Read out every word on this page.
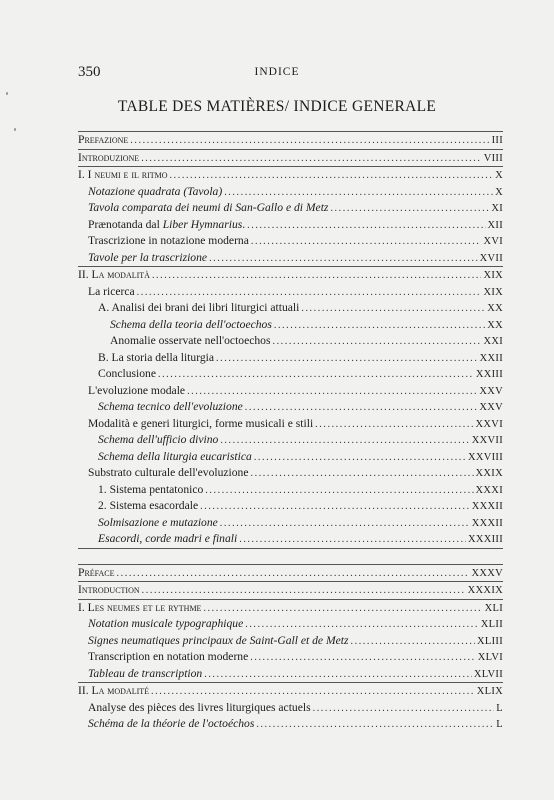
350	INDICE
TABLE DES MATIÈRES/ INDICE GENERALE
Prefazione .....	III
Introduzione .....	VIII
I. I neumi e il ritmo .....	X
Notazione quadrata (Tavola) .....	X
Tavola comparata dei neumi di San-Gallo e di Metz .....	XI
Prænotanda dal Liber Hymnarius. .....	XII
Trascrizione in notazione moderna .....	XVI
Tavole per la trascrizione .....	XVII
II. La modalità .....	XIX
La ricerca .....	XIX
A. Analisi dei brani dei libri liturgici attuali .....	XX
Schema della teoria dell'octoechos .....	XX
Anomalie osservate nell'octoechos .....	XXI
B. La storia della liturgia .....	XXII
Conclusione .....	XXIII
L'evoluzione modale .....	XXV
Schema tecnico dell'evoluzione .....	XXV
Modalità e generi liturgici, forme musicali e stili .....	XXVI
Schema dell'ufficio divino .....	XXVII
Schema della liturgia eucaristica .....	XXVIII
Substrato culturale dell'evoluzione .....	XXIX
1. Sistema pentatonico .....	XXXI
2. Sistema esacordale .....	XXXII
Solmisazione e mutazione .....	XXXII
Esacordi, corde madri e finali .....	XXXIII
Préface .....	XXXV
Introduction .....	XXXIX
I. Les neumes et le rythme .....	XLI
Notation musicale typographique .....	XLII
Signes neumatiques principaux de Saint-Gall et de Metz .....	XLIII
Transcription en notation moderne .....	XLVI
Tableau de transcription .....	XLVII
II. La modalité .....	XLIX
Analyse des pièces des livres liturgiques actuels .....	L
Schéma de la théorie de l'octoéchos .....	L
